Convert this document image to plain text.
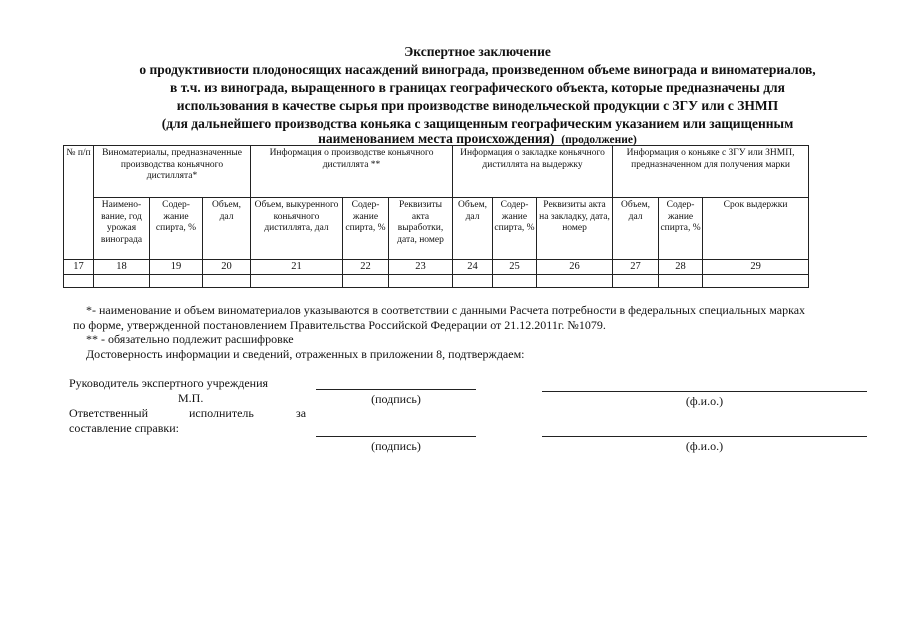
Экспертное заключение

о продуктивиости плодоносящих насаждений винограда, произведенном объеме винограда и виноматериалов,

в т.ч. из винограда, выращенного в границах географического объекта, которые предназначены для

использования в качестве сырья при производстве винодельческой продукции с ЗГУ или с ЗНМП

(для дальнейшего производства коньяка с защищенным географическим указанием или защищенным

наименованием места происхождения) (продолжение)

№ п/п	Виноматериалы, предназначенные производства коньячного дистиллята*			Информация о производстве коньячного дистиллята **			Информация о закладке коньячного дистиллята на выдержку			Информация о коньяке с ЗГУ или ЗНМП, предназначенном для получения марки		
	Наимено-вание, год урожая винограда	Содер-жание спирта, %	Объем, дал	Объем, выкуренного коньячного дистиллята, дал	Содер-жание спирта, %	Реквизиты акта выработки, дата, номер	Объем, дал	Содер-жание спирта, %	Реквизиты акта на закладку, дата, номер	Объем, дал	Содер-жание спирта, %	Срок выдержки
17	18	19	20	21	22	23	24	25	26	27	28	29

*- наименование и объем виноматериалов указываются в соответствии с данными Расчета потребности в федеральных специальных марках

по форме, утвержденной постановлением Правительства Российской Федерации от 21.12.2011г. №1079.

** - обязательно подлежит расшифровке

Достоверность информации и сведений, отраженных в приложении 8, подтверждаем:

Руководитель экспертного учреждения
М.П.
Ответственный	исполнитель	за
составление справки:
(подпись)	(ф.и.о.)
(подпись)	(ф.и.о.)
